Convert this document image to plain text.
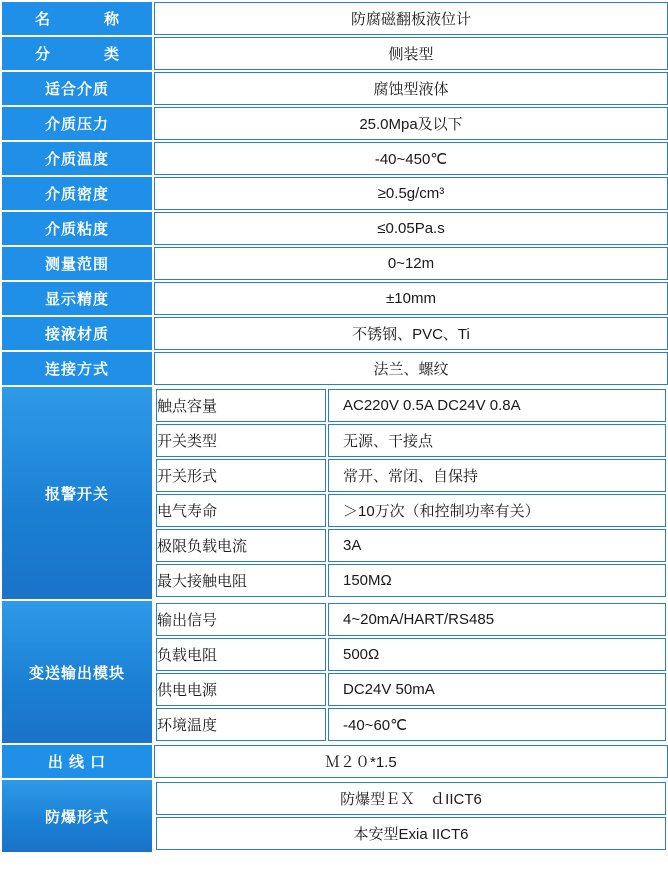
名　　称	防腐磁翻板液位计
分　　类	侧装型
适合介质	腐蚀型液体
介质压力	25.0Mpa及以下
介质温度	-40~450℃
介质密度	≥0.5g/cm³
介质粘度	≤0.05Pa.s
测量范围	0~12m
显示精度	±10mm
接液材质	不锈钢、PVC、Ti
连接方式	法兰、螺纹
报警开关	
触点容量	AC220V 0.5A DC24V 0.8A
开关类型	无源、干接点
开关形式	常开、常闭、自保持
电气寿命	＞10万次（和控制功率有关）
极限负载电流	3A
最大接触电阻	150MΩ

变送输出模块	
输出信号	4~20mA/HART/RS485
负载电阻	500Ω
供电电源	DC24V 50mA
环境温度	-40~60℃

出 线 口	Ｍ２０*1.5
防爆形式	
防爆型ＥＸ　ｄIICT6
本安型Exia IICT6
